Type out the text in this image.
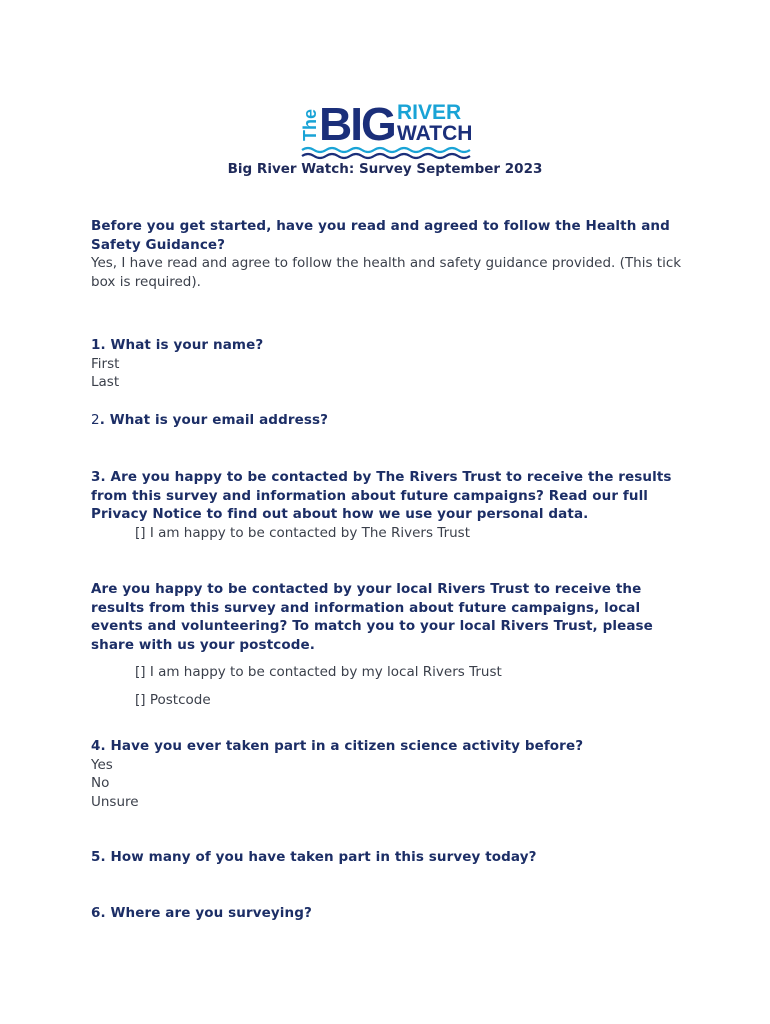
The BIG RIVER
WATCH
Big River Watch: Survey September 2023
Before you get started, have you read and agreed to follow the Health and Safety Guidance?
Yes, I have read and agree to follow the health and safety guidance provided. (This tick box is required).
1. What is your name?
First
Last
2. What is your email address?
3. Are you happy to be contacted by The Rivers Trust to receive the results from this survey and information about future campaigns? Read our full Privacy Notice to find out about how we use your personal data.
[] I am happy to be contacted by The Rivers Trust
Are you happy to be contacted by your local Rivers Trust to receive the results from this survey and information about future campaigns, local events and volunteering? To match you to your local Rivers Trust, please share with us your postcode.
[] I am happy to be contacted by my local Rivers Trust
[] Postcode
4. Have you ever taken part in a citizen science activity before?
Yes
No
Unsure
5. How many of you have taken part in this survey today?
6. Where are you surveying?
